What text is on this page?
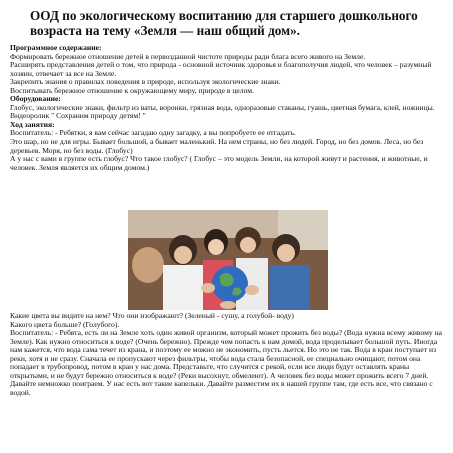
ООД по экологическому воспитанию для старшего дошкольного возраста на тему «Земля — наш общий дом».

Программное содержание:

Формировать бережное отношение детей в первозданной чистоте природы ради блага всего живого на Земле.

Расширять представления детей о том, что природа - основной источник здоровья и благополучия людей, что человек – разумный хозяин, отвечает за все на Земле.

Закрепить знания о правилах поведения в природе, используя экологические знаки.

Воспитывать бережное отношение к окружающему миру, природе в целом.

Оборудование:

Глобус, экологические знаки, фильтр из ваты, воронки, грязная вода, одноразовые стаканы, гуашь, цветная бумага, клей, ножницы.

Видеоролик " Сохраним природу детям! "

Ход занятия:

Воспитатель: - Ребятки, я вам сейчас загадаю одну загадку, а вы попробуете ее отгадать.

Это шар, но не для игры. Бывает большой, а бывает маленький. На нем страны, но без людей. Город, но без домов. Леса, но без деревьев. Моря, но без воды. (Глобус)

А у нас с вами в группе есть глобус? Что такое глобус? ( Глобус – это модель Земли, на которой живут и растения, и животные, и человек. Земля является их общим домом.)

Какие цвета вы видите на нем? Что они изображают? (Зеленый - сушу, а голубой- воду)

Какого цвета больше? (Голубого).

Воспитатель: - Ребята, есть ли на Земле хоть один живой организм, который может прожить без воды? (Вода нужна всему живому на Земле). Как нужно относиться к воде? (Очень бережно). Прежде чем попасть к нам домой, вода проделывает большой путь. Иногда нам кажется, что вода сама течет из крана, и поэтому ее можно не экономить, пусть льется. Но это не так. Вода в кран поступает из реки, хотя и не сразу. Сначала ее пропускают через фильтры, чтобы вода стала безопасной, ее специально очищают, потом она попадает в трубопровод, потом в кран у нас дома. Представьте, что случится с рекой, если все люди будут оставлять краны открытыми, и не будут бережно относиться к воде? (Реки высохнут, обмелеют). А человек без воды может прожить всего 7 дней. Давайте немножко поиграем. У нас есть вот такие капельки. Давайте разместим их в нашей группе там, где есть все, что связано с водой.
